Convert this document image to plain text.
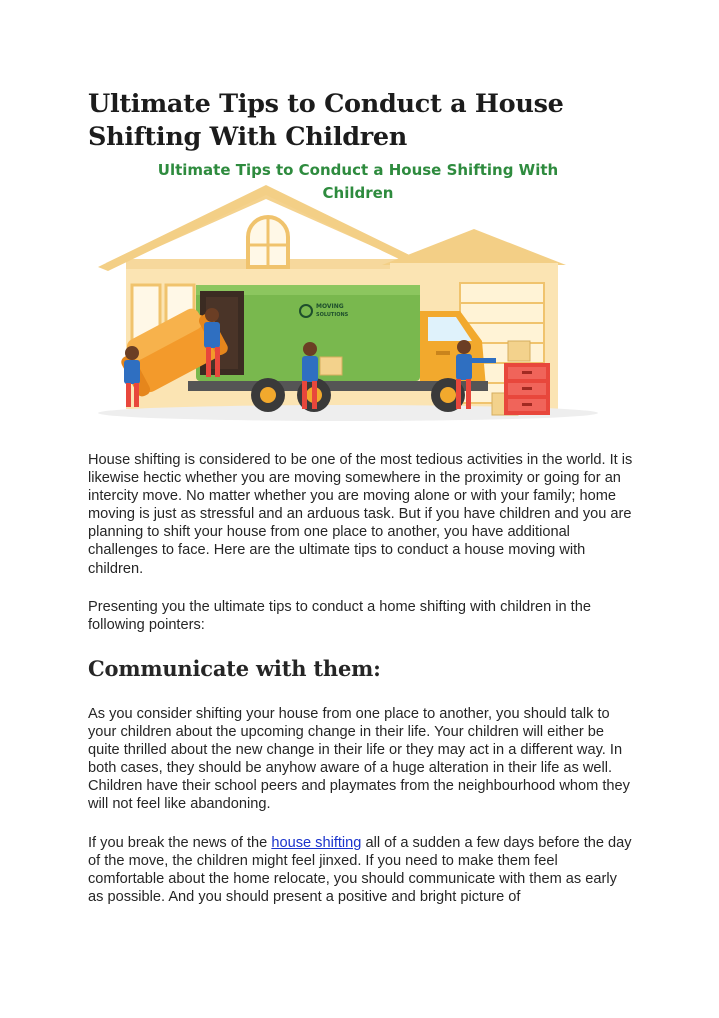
Ultimate Tips to Conduct a House
Shifting With Children
MOVING
SOLUTIONS
Ultimate Tips to Conduct a House Shifting With
Children

House shifting is considered to be one of the most tedious activities in the world. It is likewise hectic whether you are moving somewhere in the proximity or going for an intercity move. No matter whether you are moving alone or with your family; home moving is just as stressful and an arduous task. But if you have children and you are planning to shift your house from one place to another, you have additional challenges to face. Here are the ultimate tips to conduct a house moving with children.

Presenting you the ultimate tips to conduct a home shifting with children in the following pointers:

Communicate with them:

As you consider shifting your house from one place to another, you should talk to your children about the upcoming change in their life. Your children will either be quite thrilled about the new change in their life or they may act in a different way. In both cases, they should be anyhow aware of a huge alteration in their life as well. Children have their school peers and playmates from the neighbourhood whom they will not feel like abandoning.

If you break the news of the house shifting all of a sudden a few days before the day of the move, the children might feel jinxed. If you need to make them feel comfortable about the home relocate, you should communicate with them as early as possible. And you should present a positive and bright picture of
